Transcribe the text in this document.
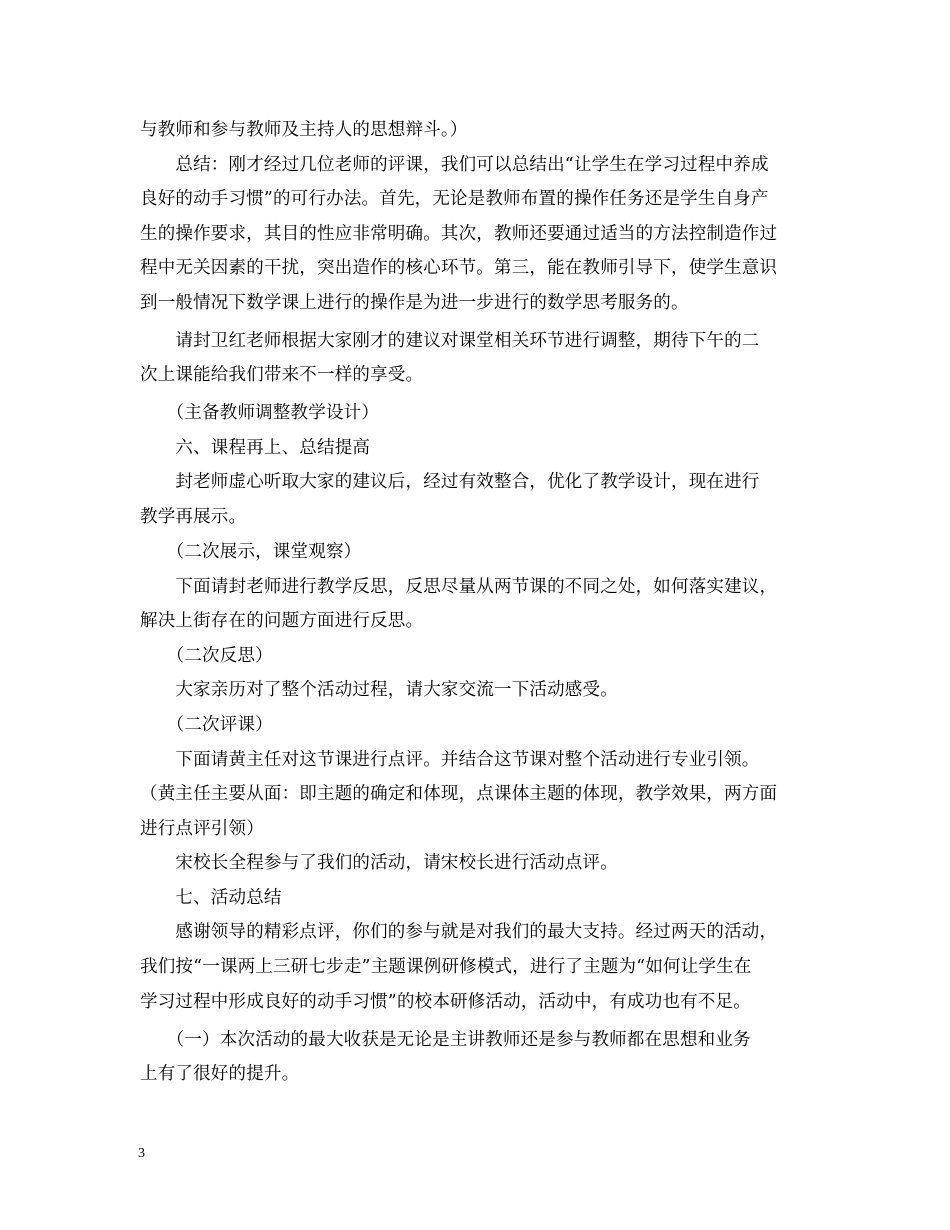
与教师和参与教师及主持人的思想辩斗。）
　　总结：刚才经过几位老师的评课，我们可以总结出“让学生在学习过程中养成
良好的动手习惯”的可行办法。首先，无论是教师布置的操作任务还是学生自身产
生的操作要求，其目的性应非常明确。其次，教师还要通过适当的方法控制造作过
程中无关因素的干扰，突出造作的核心环节。第三，能在教师引导下，使学生意识
到一般情况下数学课上进行的操作是为进一步进行的数学思考服务的。
　　请封卫红老师根据大家刚才的建议对课堂相关环节进行调整，期待下午的二
次上课能给我们带来不一样的享受。
　　（主备教师调整教学设计）
　　六、课程再上、总结提高
　　封老师虚心听取大家的建议后，经过有效整合，优化了教学设计，现在进行
教学再展示。
　　（二次展示，课堂观察）
　　下面请封老师进行教学反思，反思尽量从两节课的不同之处，如何落实建议，
解决上街存在的问题方面进行反思。
　　（二次反思）
　　大家亲历对了整个活动过程，请大家交流一下活动感受。
　　（二次评课）
　　下面请黄主任对这节课进行点评。并结合这节课对整个活动进行专业引领。
（黄主任主要从面：即主题的确定和体现，点课体主题的体现，教学效果，两方面
进行点评引领）
　　宋校长全程参与了我们的活动，请宋校长进行活动点评。
　　七、活动总结
　　感谢领导的精彩点评，你们的参与就是对我们的最大支持。经过两天的活动，
我们按“一课两上三研七步走”主题课例研修模式，进行了主题为“如何让学生在
学习过程中形成良好的动手习惯”的校本研修活动，活动中，有成功也有不足。
　　（一）本次活动的最大收获是无论是主讲教师还是参与教师都在思想和业务
上有了很好的提升。
3
